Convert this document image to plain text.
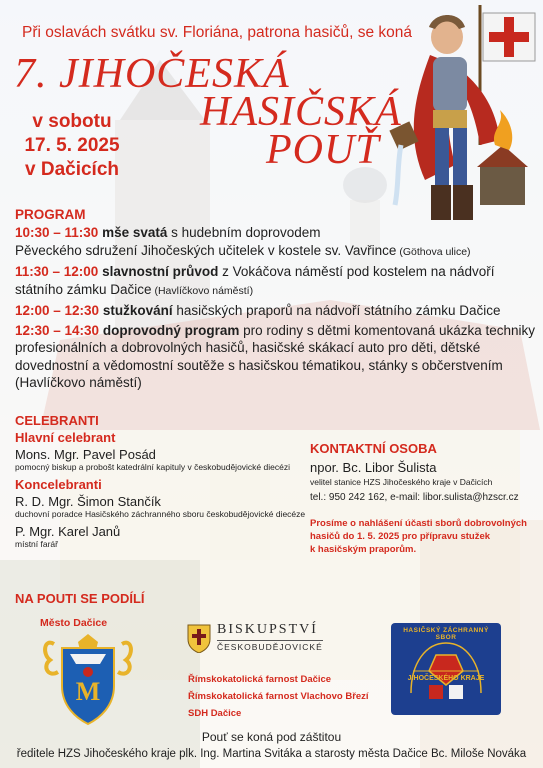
Při oslavách svátku sv. Floriána, patrona hasičů, se koná
7. JIHOČESKÁ
HASIČSKÁ
POUŤ
v sobotu
17. 5. 2025
v Dačicích
PROGRAM

10:30 – 11:30 mše svatá s hudebním doprovodem

Pěveckého sdružení Jihočeských učitelek v kostele sv. Vavřince (Göthova ulice)

11:30 – 12:00 slavnostní průvod z Vokáčova náměstí pod kostelem na nádvoří

státního zámku Dačice (Havlíčkovo náměstí)

12:00 – 12:30 stužkování hasičských praporů na nádvoří státního zámku Dačice

12:30 – 14:30 doprovodný program pro rodiny s dětmi komentovaná ukázka techniky

profesionálních a dobrovolných hasičů, hasičské skákací auto pro děti, dětské

dovednostní a vědomostní soutěže s hasičskou tématikou, stánky s občerstvením

(Havlíčkovo náměstí)

CELEBRANTI
Hlavní celebrant
Mons. Mgr. Pavel Posád
pomocný biskup a probošt katedrální kapituly v českobudějovické diecézi
Koncelebranti
R. D. Mgr. Šimon Stančík
duchovní poradce Hasičského záchranného sboru českobudějovické diecéze
P. Mgr. Karel Janů
místní farář
KONTAKTNÍ OSOBA
npor. Bc. Libor Šulista
velitel stanice HZS Jihočeského kraje v Dačicích
tel.: 950 242 162, e-mail: libor.sulista@hzscr.cz
Prosíme o nahlášení účasti sborů dobrovolných
hasičů do 1. 5. 2025 pro přípravu stužek
k hasičským praporům.
NA POUTI SE PODÍLÍ
Město Dačice
M
BISKUPSTVÍ
ČESKOBUDĚJOVICKÉ
Římskokatolická farnost Dačice
Římskokatolická farnost Vlachovo Březí
SDH Dačice
HASIČSKÝ ZÁCHRANNÝ SBOR
JIHOČESKÉHO KRAJE
Pouť se koná pod záštitou
ředitele HZS Jihočeského kraje plk. Ing. Martina Svitáka a starosty města Dačice Bc. Miloše Nováka
